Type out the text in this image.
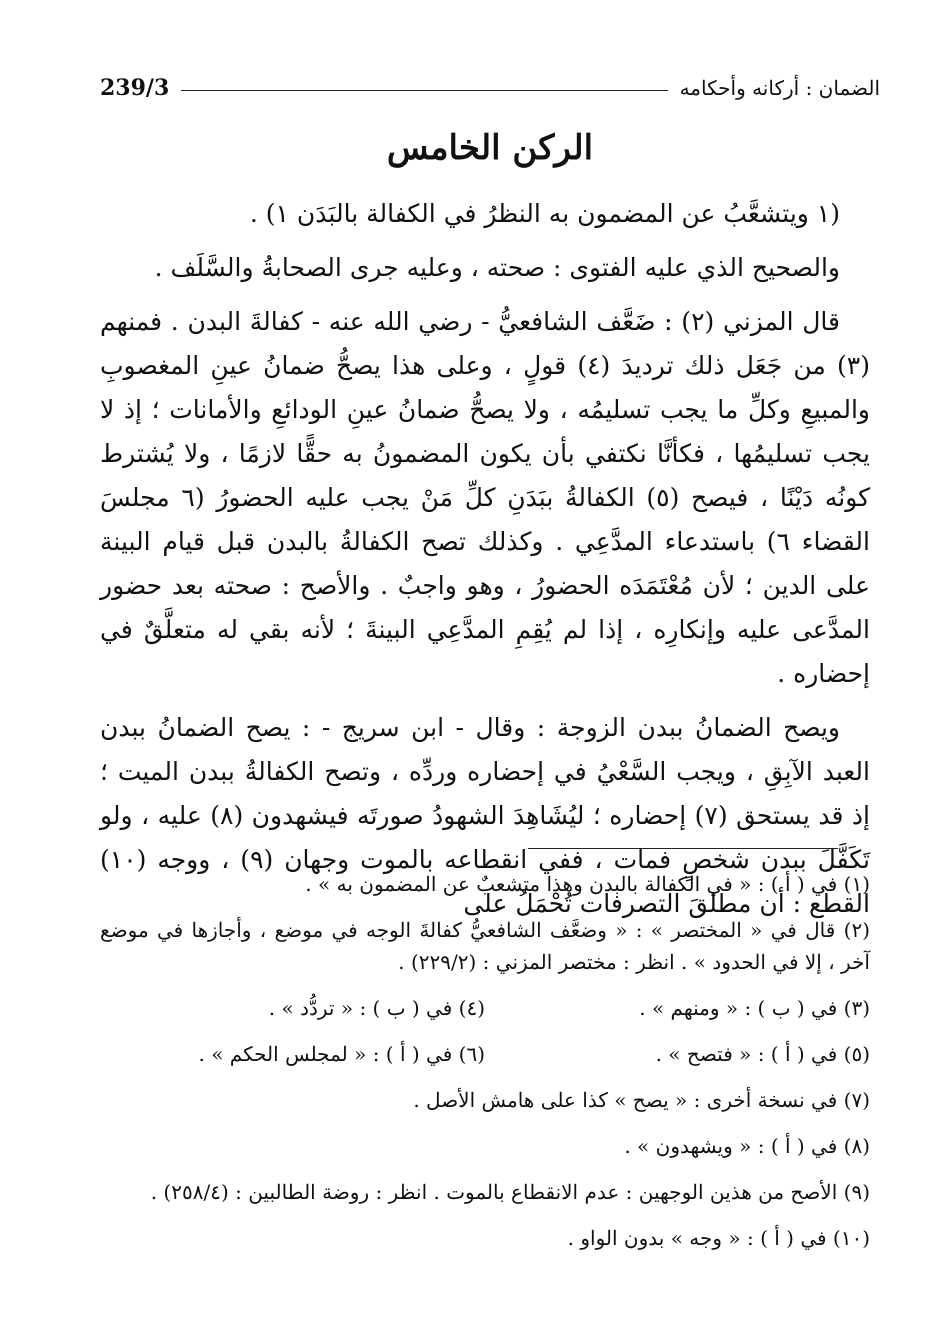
الضمان : أركانه وأحكامه
239/3
الركن الخامس

(١ ويتشعَّبُ عن المضمون به النظرُ في الكفالة بالبَدَن ١) .

والصحيح الذي عليه الفتوى : صحته ، وعليه جرى الصحابةُ والسَّلَف .

قال المزني (٢) : ضَعَّف الشافعيُّ - رضي الله عنه - كفالةَ البدن . فمنهم (٣) من جَعَل ذلك ترديدَ (٤) قولٍ ، وعلى هذا يصحُّ ضمانُ عينِ المغصوبِ والمبيعِ وكلِّ ما يجب تسليمُه ، ولا يصحُّ ضمانُ عينِ الودائعِ والأمانات ؛ إذ لا يجب تسليمُها ، فكأنَّا نكتفي بأن يكون المضمونُ به حقًّا لازمًا ، ولا يُشترط كونُه دَيْنًا ، فيصح (٥) الكفالةُ ببَدَنِ كلِّ مَنْ يجب عليه الحضورُ (٦ مجلسَ القضاء ٦) باستدعاء المدَّعِي . وكذلك تصح الكفالةُ بالبدن قبل قيام البينة على الدين ؛ لأن مُعْتَمَدَه الحضورُ ، وهو واجبٌ . والأصح : صحته بعد حضور المدَّعى عليه وإنكارِه ، إذا لم يُقِمِ المدَّعِي البينةَ ؛ لأنه بقي له متعلَّقٌ في إحضاره .

ويصح الضمانُ ببدن الزوجة : وقال - ابن سريج - : يصح الضمانُ ببدن العبد الآبِقِ ، ويجب السَّعْيُ في إحضاره وردِّه ، وتصح الكفالةُ ببدن الميت ؛ إذ قد يستحق (٧) إحضاره ؛ ليُشَاهِدَ الشهودُ صورتَه فيشهدون (٨) عليه ، ولو تَكَفَّلَ ببدن شخصٍ فمات ، ففي انقطاعه بالموت وجهان (٩) ، ووجه (١٠) القطع : أن مطلقَ التصرفات تُحْمَلُ على

(١) في ( أ ) : « في الكفالة بالبدن وهذا متشعبٌ عن المضمون به » .
(٢) قال في « المختصر » : « وضعَّف الشافعيُّ كفالةَ الوجه في موضع ، وأجازها في موضع آخر ، إلا في الحدود » . انظر : مختصر المزني : (٢٢٩/٢) .
(٣) في ( ب ) : « ومنهم » .
(٤) في ( ب ) : « تردُّد » .
(٥) في ( أ ) : « فتصح » .
(٦) في ( أ ) : « لمجلس الحكم » .
(٧) في نسخة أخرى : « يصح » كذا على هامش الأصل .
(٨) في ( أ ) : « ويشهدون » .
(٩) الأصح من هذين الوجهين : عدم الانقطاع بالموت . انظر : روضة الطالبين : (٢٥٨/٤) .
(١٠) في ( أ ) : « وجه » بدون الواو .
